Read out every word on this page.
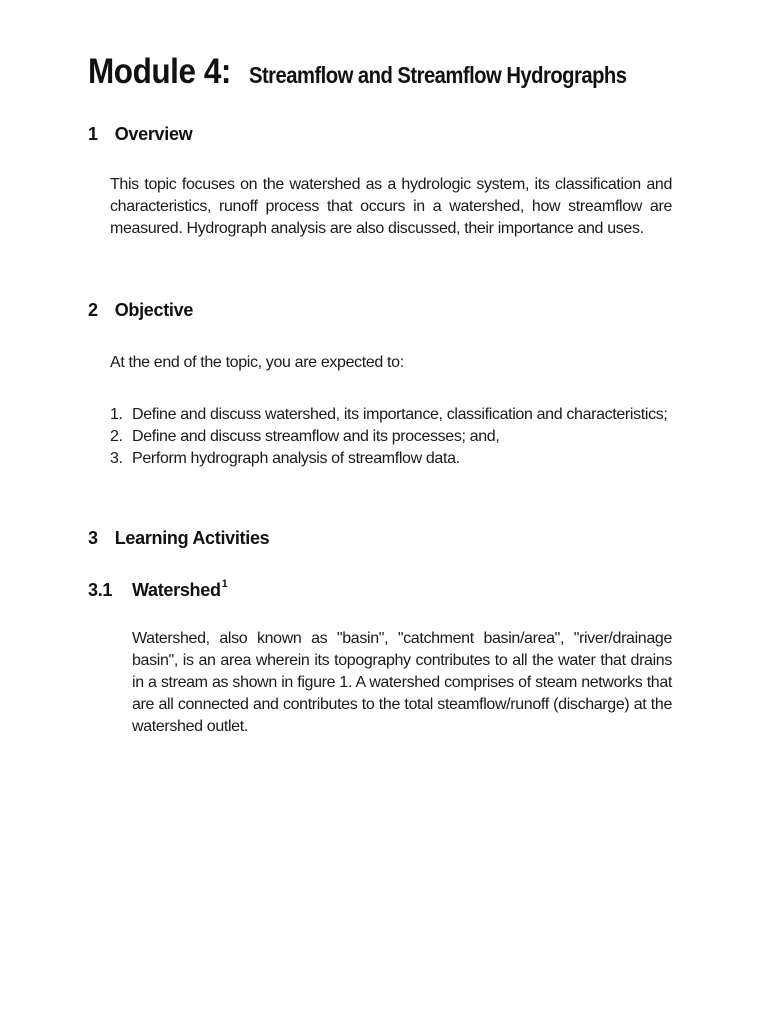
Module 4: Streamflow and Streamflow Hydrographs
1 Overview

This topic focuses on the watershed as a hydrologic system, its classification and characteristics, runoff process that occurs in a watershed, how streamflow are measured. Hydrograph analysis are also discussed, their importance and uses.

2 Objective

At the end of the topic, you are expected to:

1. Define and discuss watershed, its importance, classification and characteristics;
2. Define and discuss streamflow and its processes; and,
3. Perform hydrograph analysis of streamflow data.
3 Learning Activities
3.1 Watershed$^1$

Watershed, also known as "basin", "catchment basin/area", "river/drainage basin", is an area wherein its topography contributes to all the water that drains in a stream as shown in figure 1. A watershed comprises of steam networks that are all connected and contributes to the total steamflow/runoff (discharge) at the watershed outlet.
